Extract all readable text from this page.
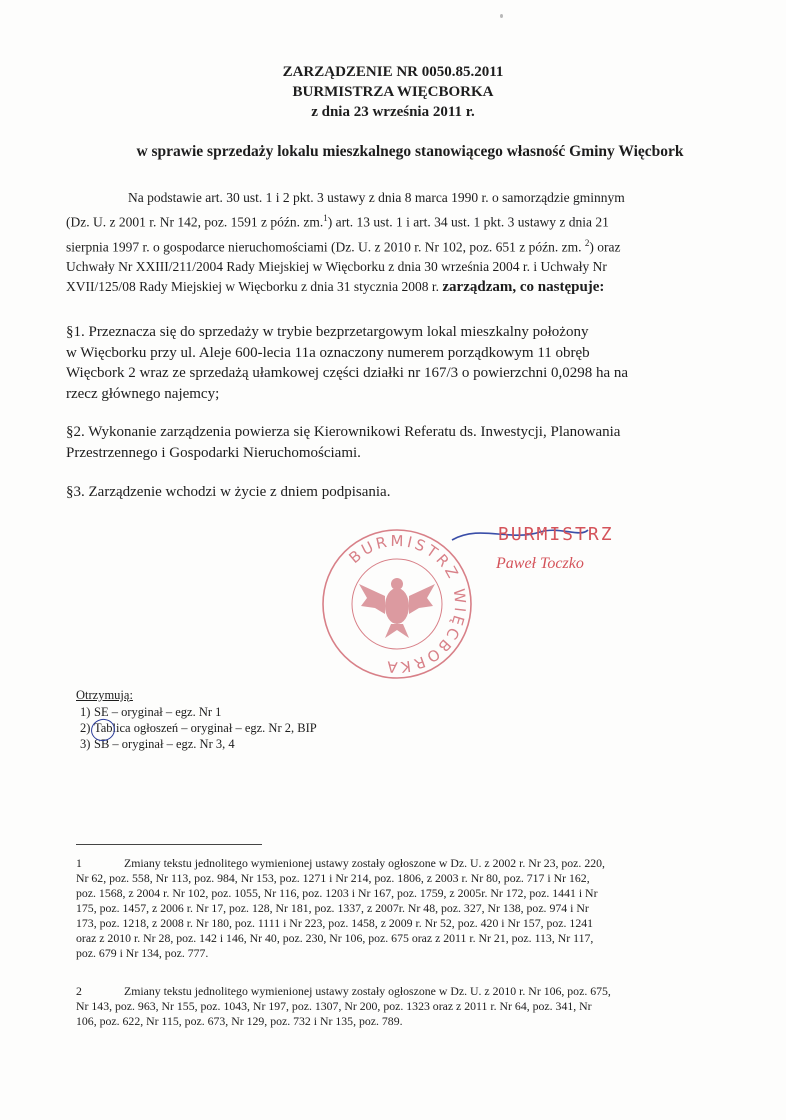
ZARZĄDZENIE NR 0050.85.2011
BURMISTRZA WIĘCBORKA
z dnia 23 września 2011 r.
w sprawie sprzedaży lokalu mieszkalnego stanowiącego własność Gminy Więcbork
Na podstawie art. 30 ust. 1 i 2 pkt. 3 ustawy z dnia 8 marca 1990 r. o samorządzie gminnym
(Dz. U. z 2001 r. Nr 142, poz. 1591 z późn. zm.$^1$) art. 13 ust. 1 i art. 34 ust. 1 pkt. 3 ustawy z dnia 21
sierpnia 1997 r. o gospodarce nieruchomościami (Dz. U. z 2010 r. Nr 102, poz. 651 z późn. zm. $^2$) oraz
Uchwały Nr XXIII/211/2004 Rady Miejskiej w Więcborku z dnia 30 września 2004 r. i Uchwały Nr
XVII/125/08 Rady Miejskiej w Więcborku z dnia 31 stycznia 2008 r. zarządzam, co następuje:
§1. Przeznacza się do sprzedaży w trybie bezprzetargowym lokal mieszkalny położony
w Więcborku przy ul. Aleje 600-lecia 11a oznaczony numerem porządkowym 11 obręb
Więcbork 2 wraz ze sprzedażą ułamkowej części działki nr 167/3 o powierzchni 0,0298 ha na
rzecz głównego najemcy;
§2. Wykonanie zarządzenia powierza się Kierownikowi Referatu ds. Inwestycji, Planowania
Przestrzennego i Gospodarki Nieruchomościami.
§3. Zarządzenie wchodzi w życie z dniem podpisania.
BURMISTRZ WIĘCBORKA
BURMISTRZ
Paweł Toczko
Otrzymują:
1) SE – oryginał – egz. Nr 1
2) Tablica ogłoszeń – oryginał – egz. Nr 2, BIP
3) SB – oryginał – egz. Nr 3, 4
1	Zmiany tekstu jednolitego wymienionej ustawy zostały ogłoszone w Dz. U. z 2002 r. Nr 23, poz. 220,
Nr 62, poz. 558, Nr 113, poz. 984, Nr 153, poz. 1271 i Nr 214, poz. 1806, z 2003 r. Nr 80, poz. 717 i Nr 162,
poz. 1568, z 2004 r. Nr 102, poz. 1055, Nr 116, poz. 1203 i Nr 167, poz. 1759, z 2005r. Nr 172, poz. 1441 i Nr
175, poz. 1457, z 2006 r. Nr 17, poz. 128, Nr 181, poz. 1337, z 2007r. Nr 48, poz. 327, Nr 138, poz. 974 i Nr
173, poz. 1218, z 2008 r. Nr 180, poz. 1111 i Nr 223, poz. 1458, z 2009 r. Nr 52, poz. 420 i Nr 157, poz. 1241
oraz z 2010 r. Nr 28, poz. 142 i 146, Nr 40, poz. 230, Nr 106, poz. 675 oraz z 2011 r. Nr 21, poz. 113, Nr 117,
poz. 679 i Nr 134, poz. 777.
2	Zmiany tekstu jednolitego wymienionej ustawy zostały ogłoszone w Dz. U. z 2010 r. Nr 106, poz. 675,
Nr 143, poz. 963, Nr 155, poz. 1043, Nr 197, poz. 1307, Nr 200, poz. 1323 oraz z 2011 r. Nr 64, poz. 341, Nr
106, poz. 622, Nr 115, poz. 673, Nr 129, poz. 732 i Nr 135, poz. 789.
